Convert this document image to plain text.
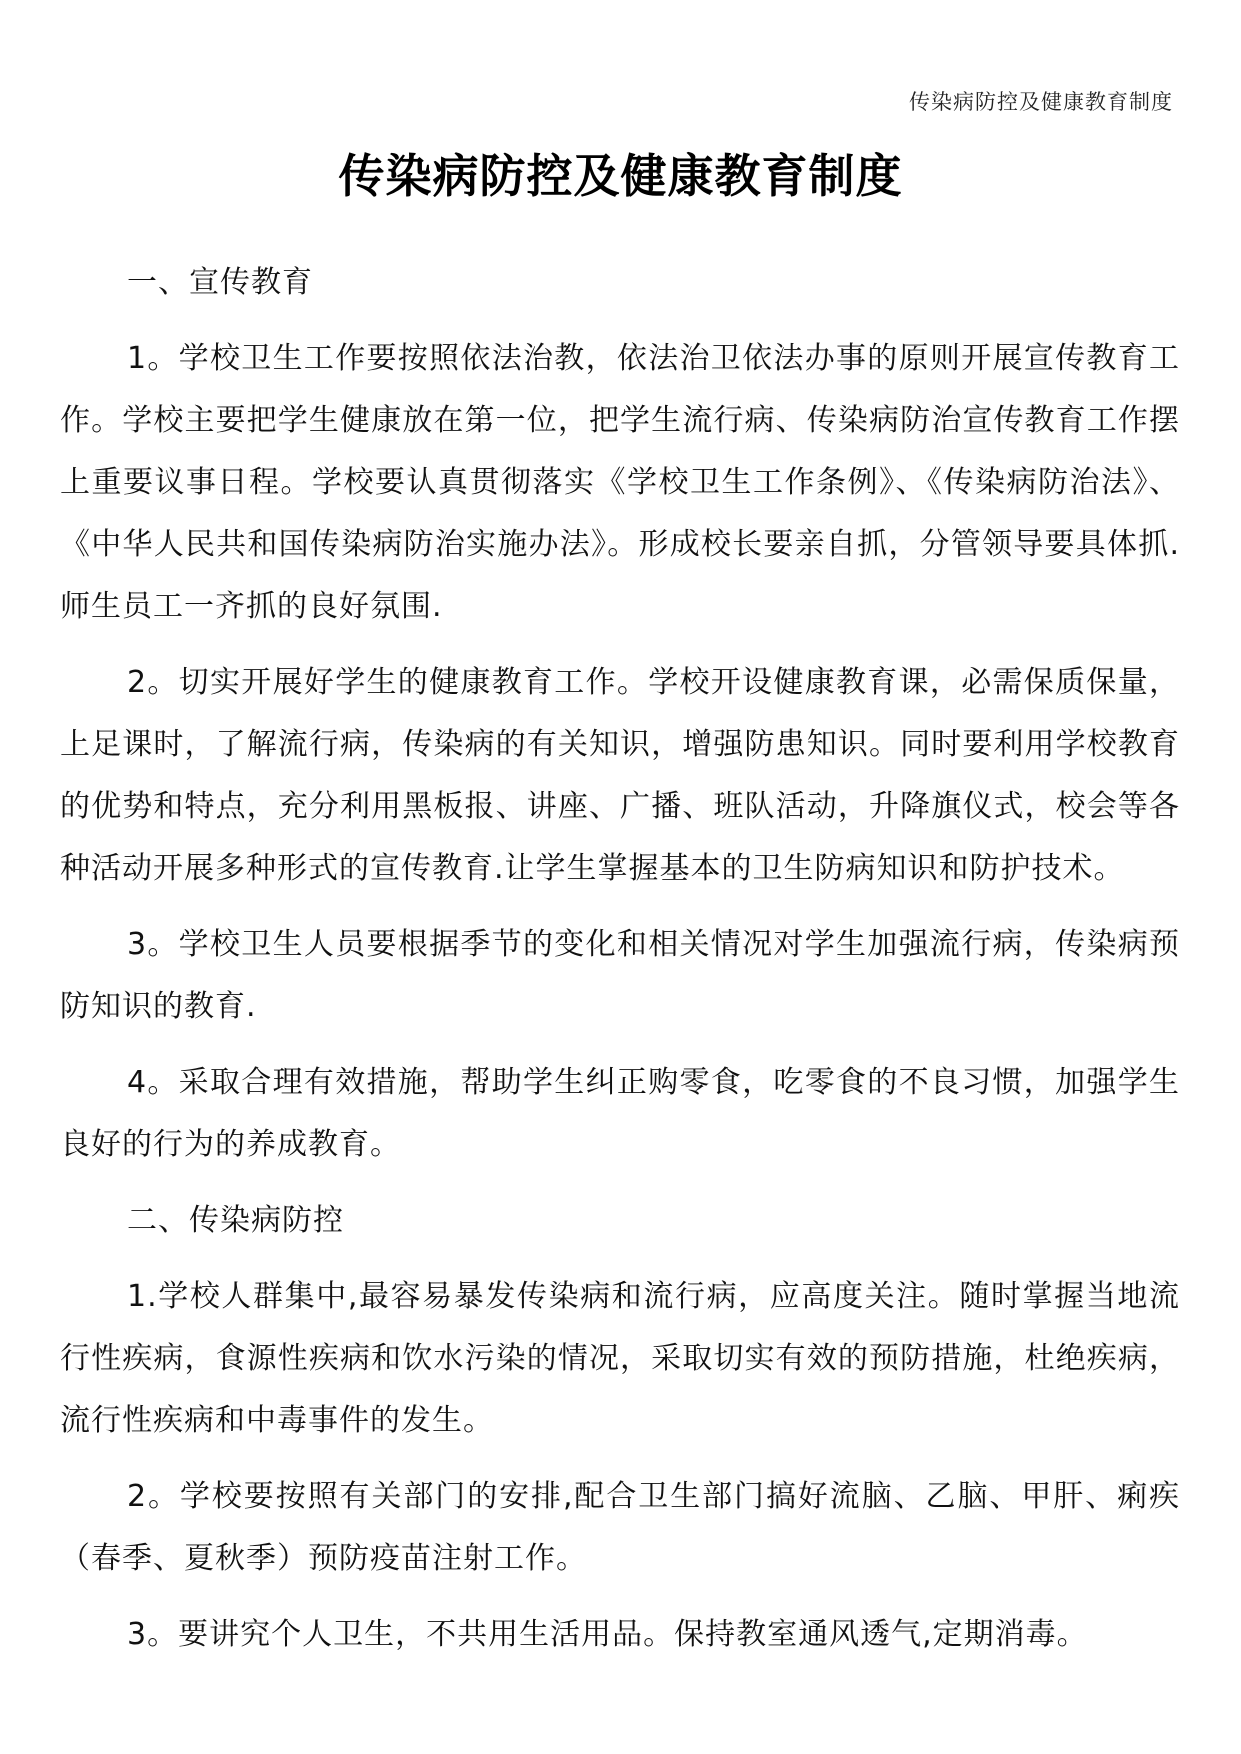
传染病防控及健康教育制度
传染病防控及健康教育制度

一、宣传教育

1。学校卫生工作要按照依法治教，依法治卫依法办事的原则开展宣传教育工作。学校主要把学生健康放在第一位，把学生流行病、传染病防治宣传教育工作摆上重要议事日程。学校要认真贯彻落实《学校卫生工作条例》、《传染病防治法》、《中华人民共和国传染病防治实施办法》。形成校长要亲自抓，分管领导要具体抓.师生员工一齐抓的良好氛围.

2。切实开展好学生的健康教育工作。学校开设健康教育课，必需保质保量，上足课时，了解流行病，传染病的有关知识，增强防患知识。同时要利用学校教育的优势和特点，充分利用黑板报、讲座、广播、班队活动，升降旗仪式，校会等各种活动开展多种形式的宣传教育.让学生掌握基本的卫生防病知识和防护技术。

3。学校卫生人员要根据季节的变化和相关情况对学生加强流行病，传染病预防知识的教育.

4。采取合理有效措施，帮助学生纠正购零食，吃零食的不良习惯，加强学生良好的行为的养成教育。

二、传染病防控

1.学校人群集中,最容易暴发传染病和流行病，应高度关注。随时掌握当地流行性疾病，食源性疾病和饮水污染的情况，采取切实有效的预防措施，杜绝疾病，流行性疾病和中毒事件的发生。

2。学校要按照有关部门的安排,配合卫生部门搞好流脑、乙脑、甲肝、痢疾（春季、夏秋季）预防疫苗注射工作。

3。要讲究个人卫生，不共用生活用品。保持教室通风透气,定期消毒。
